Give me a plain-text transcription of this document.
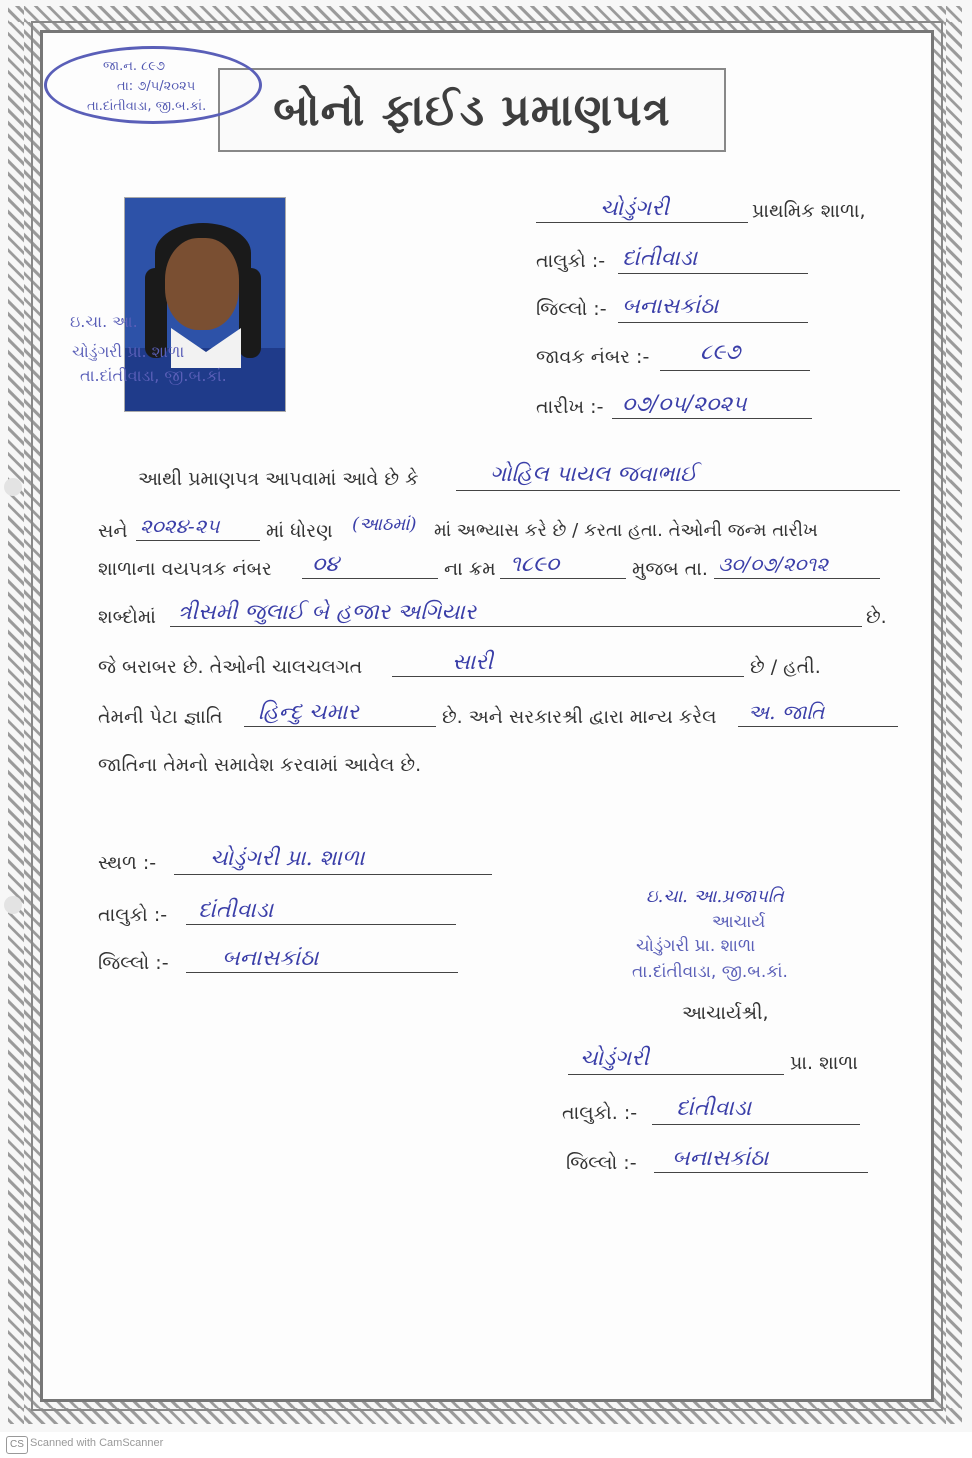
બોનો ફાઈડ પ્રમાણપત્ર
જા.ન. ૮૯૭
તા: ૭/૫/૨૦૨૫
તા.દાંતીવાડા, જી.બ.કાં.
ઇ.ચા. આ.
ચોડુંગરી પ્રા. શાળા
તા.દાંતીવાડા, જી.બ.કાં.
ચોડુંગરી	પ્રાથમિક શાળા,
તાલુકો :- દાંતીવાડા
જિલ્લો :- બનાસકાંઠા
જાવક નંબર :- ૮૯૭
તારીખ :- ૦૭/૦૫/૨૦૨૫
આથી પ્રમાણપત્ર આપવામાં આવે છે કે	ગોહિલ પાયલ જવાભાઈ
સને ૨૦૨૪-૨૫ માં ધોરણ (આઠમાં) માં અભ્યાસ કરે છે / કરતા હતા. તેઓની જન્મ તારીખ
શાળાના વયપત્રક નંબર ૦૪	ના ક્રમ ૧૮૯૦	મુજબ તા. ૩૦/૦૭/૨૦૧૨
શબ્દોમાં ત્રીસમી જુલાઈ બે હજાર અગિયાર	છે.
જે બરાબર છે. તેઓની ચાલચલગત	સારી	છે / હતી.
તેમની પેટા જ્ઞાતિ હિન્દુ ચમાર	છે. અને સરકારશ્રી દ્વારા માન્ય કરેલ અ. જાતિ
જાતિના તેમનો સમાવેશ કરવામાં આવેલ છે.
સ્થળ :- ચોડુંગરી પ્રા. શાળા
તાલુકો :- દાંતીવાડા
જિલ્લો :- બનાસકાંઠા
ઇ.ચા. આ.પ્રજાપતિ
આચાર્ય
ચોડુંગરી પ્રા. શાળા
તા.દાંતીવાડા, જી.બ.કાં.
આચાર્યશ્રી,
ચોડુંગરી	પ્રા. શાળા
તાલુકો. :- દાંતીવાડા
જિલ્લો :- બનાસકાંઠા
CS Scanned with CamScanner
